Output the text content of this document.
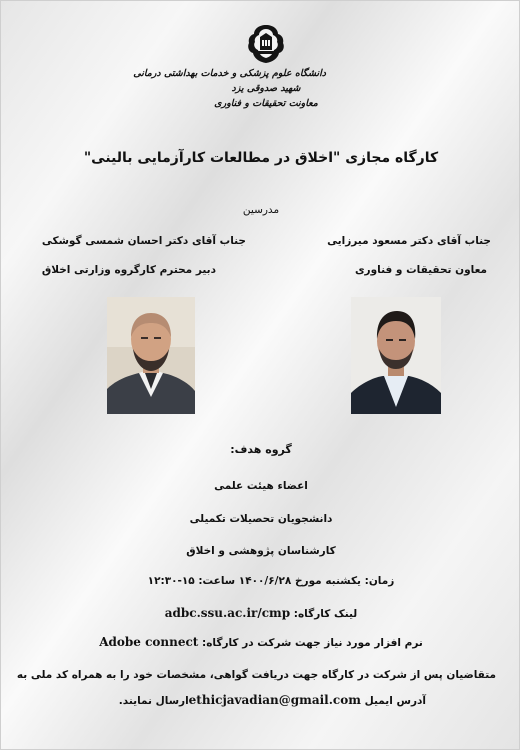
دانشگاه علوم پزشکی و خدمات بهداشتی درمانی
شهید صدوقی یزد
معاونت تحقیقات و فناوری
کارگاه مجازی "اخلاق در مطالعات کارآزمایی بالینی"
مدرسین
جناب آقای دکتر مسعود میرزایی
معاون تحقیقات و فناوری
جناب آقای دکتر احسان شمسی گوشکی
دبیر محترم کارگروه وزارتی اخلاق
گروه هدف:
اعضاء هیئت علمی
دانشجویان تحصیلات تکمیلی
کارشناسان پژوهشی و اخلاق
زمان: یکشنبه مورخ ۱۴۰۰/۶/۲۸ ساعت: ۱۵-۱۲:۳۰
لینک کارگاه: adbc.ssu.ac.ir/cmp
نرم افزار مورد نیاز جهت شرکت در کارگاه: Adobe connect
متقاضیان پس از شرکت در کارگاه جهت دریافت گواهی، مشخصات خود را به همراه کد ملی به
آدرس ایمیل ethicjavadian@gmail.comارسال نمایند.
